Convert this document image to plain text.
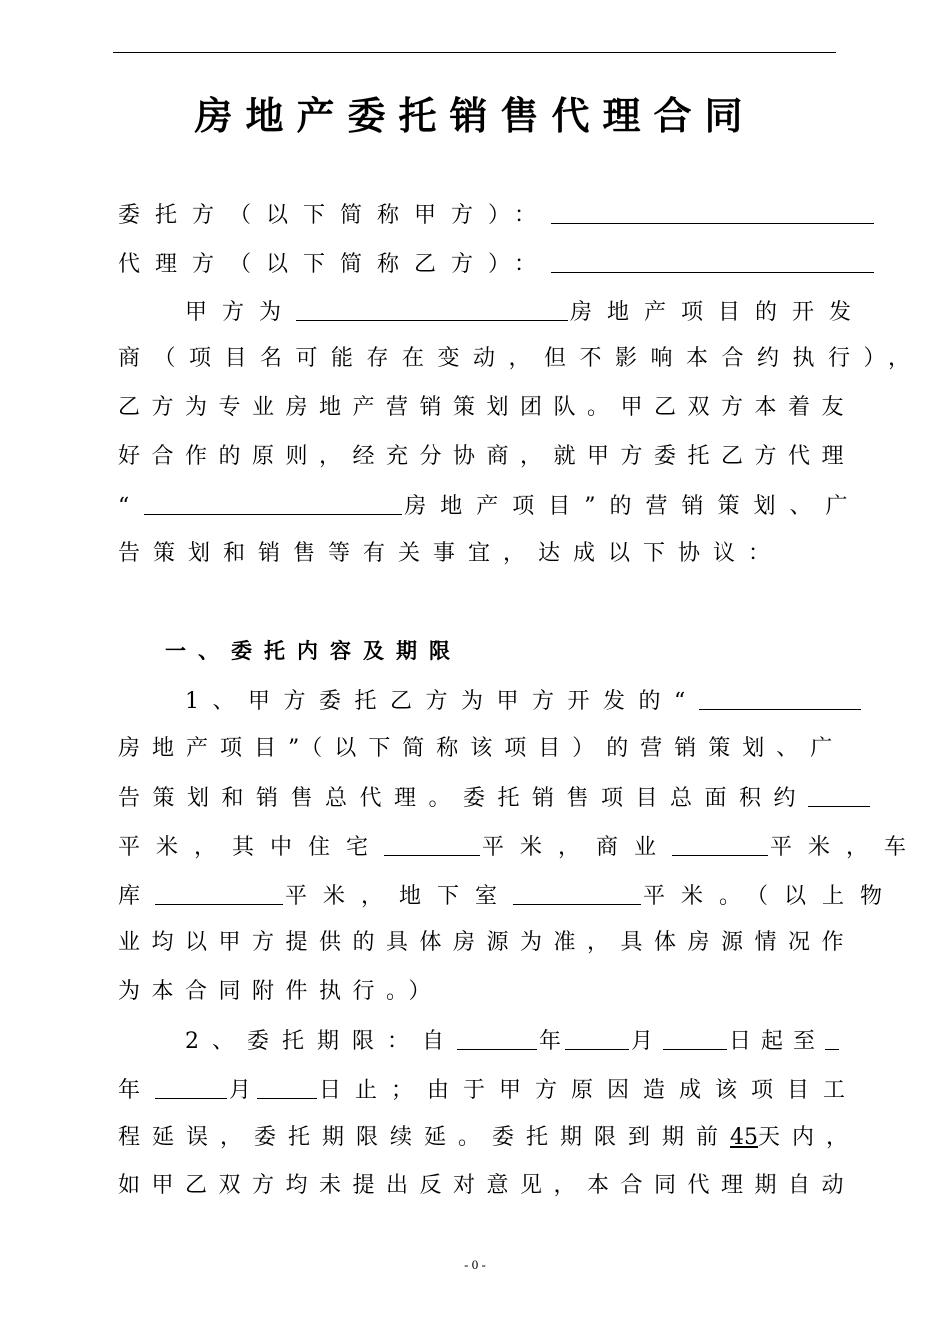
房地产委托销售代理合同
委托方（以下简称甲方）：
代理方（以下简称乙方）：
甲方为	房地产项目的开发
商（项目名可能存在变动，但不影响本合约执行），
乙方为专业房地产营销策划团队。甲乙双方本着友
好合作的原则，经充分协商，就甲方委托乙方代理
“	房地产项目”的营销策划、广
告策划和销售等有关事宜，达成以下协议：
一、委托内容及期限
1、甲方委托乙方为甲方开发的“
房地产项目”（以下简称该项目）的营销策划、广
告策划和销售总代理。委托销售项目总面积约
平米，其中住宅	平米，商业	平米，车
库	平米，地下室	平米。（以上物
业均以甲方提供的具体房源为准，具体房源情况作
为本合同附件执行。）
2、委托期限：自	年	月	日起至
年	月	日止；由于甲方原因造成该项目工
程延误，委托期限续延。委托期限到期前45天内，
如甲乙双方均未提出反对意见，本合同代理期自动
- 0 -
